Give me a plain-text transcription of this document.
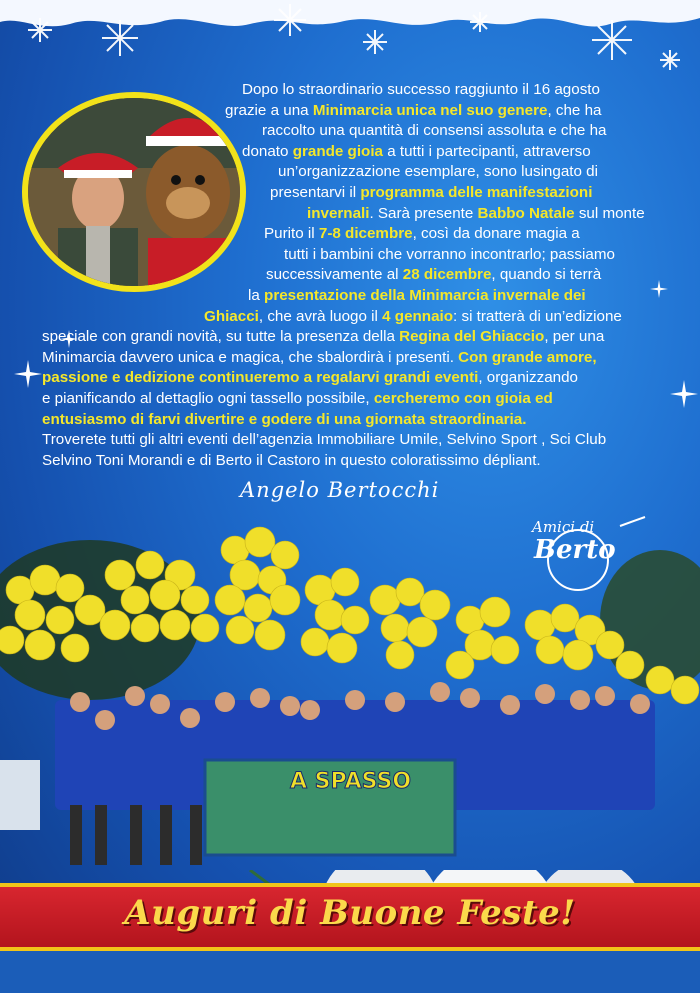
Dopo lo straordinario successo raggiunto il 16 agosto
grazie a una Minimarcia unica nel suo genere, che ha
raccolto una quantità di consensi assoluta e che ha
donato grande gioia a tutti i partecipanti, attraverso
un’organizzazione esemplare, sono lusingato di
presentarvi il programma delle manifestazioni
invernali. Sarà presente Babbo Natale sul monte
Purito il 7-8 dicembre, così da donare magia a
tutti i bambini che vorranno incontrarlo; passiamo
successivamente al 28 dicembre, quando si terrà
la presentazione della Minimarcia invernale dei
Ghiacci, che avrà luogo il 4 gennaio: si tratterà di un’edizione
speciale con grandi novità, su tutte la presenza della Regina del Ghiaccio, per una
Minimarcia davvero unica e magica, che sbalordirà i presenti. Con grande amore,
passione e dedizione continueremo a regalarvi grandi eventi, organizzando
e pianificando al dettaglio ogni tassello possibile, cercheremo con gioia ed
entusiasmo di farvi divertire e godere di una giornata straordinaria.
Troverete tutti gli altri eventi dell’agenzia Immobiliare Umile, Selvino Sport , Sci Club
Selvino Toni Morandi e di Berto il Castoro in questo coloratissimo dépliant.
A SPASSO
Angelo Bertocchi
Amici di
Berto
Auguri di Buone Feste!
